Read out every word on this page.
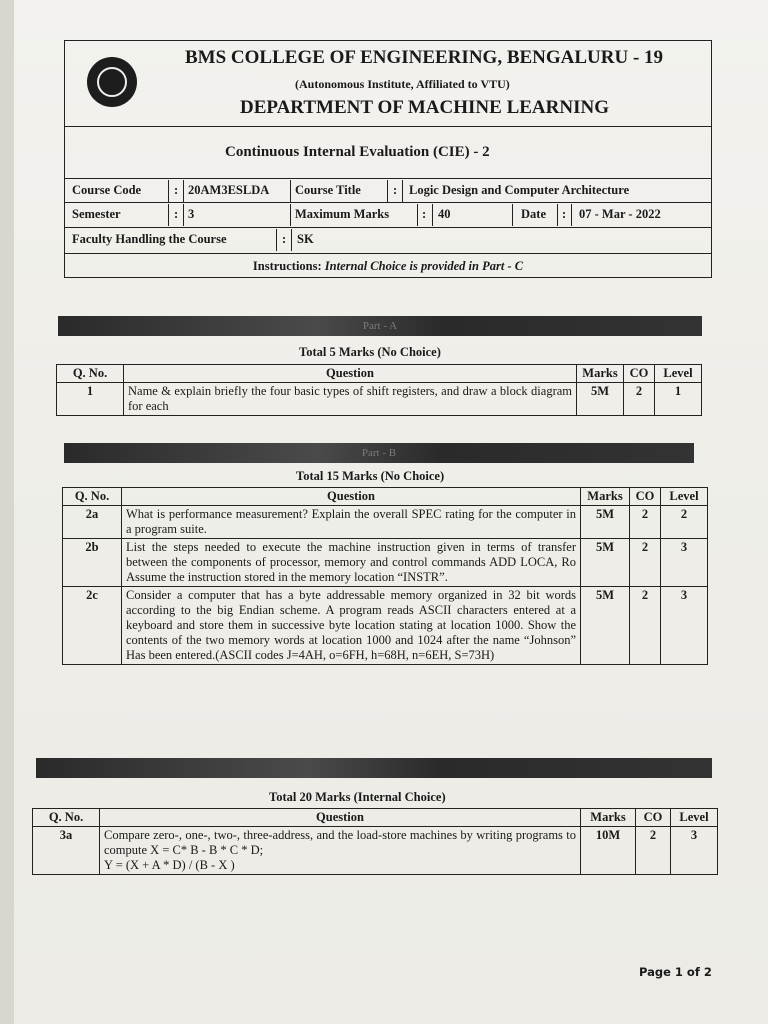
BMS COLLEGE OF ENGINEERING, BENGALURU - 19
(Autonomous Institute, Affiliated to VTU)
DEPARTMENT OF MACHINE LEARNING
Continuous Internal Evaluation (CIE) - 2
Course Code	: 20AM3ESLDA Course Title	: Logic Design and Computer Architecture
Semester	: 3	Maximum Marks	: 40	Date : 07 - Mar - 2022
Faculty Handling the Course	: SK
Instructions: Internal Choice is provided in Part - C
Part - A
Total 5 Marks (No Choice)
Q. No.	Question	Marks	CO	Level
1	Name & explain briefly the four basic types of shift registers, and draw a block diagram for each	5M	2	1
Part - B
Total 15 Marks (No Choice)
Q. No.	Question	Marks	CO	Level
2a	What is performance measurement? Explain the overall SPEC rating for the computer in a program suite.	5M	2	2
2b	List the steps needed to execute the machine instruction given in terms of transfer between the components of processor, memory and control commands ADD LOCA, Ro Assume the instruction stored in the memory location “INSTR”.	5M	2	3
2c	Consider a computer that has a byte addressable memory organized in 32 bit words according to the big Endian scheme. A program reads ASCII characters entered at a keyboard and store them in successive byte location stating at location 1000. Show the contents of the two memory words at location 1000 and 1024 after the name “Johnson” Has been entered.(ASCII codes J=4AH, o=6FH, h=68H, n=6EH, S=73H)	5M	2	3
Total 20 Marks (Internal Choice)
Q. No.	Question	Marks	CO	Level
3a	Compare zero-, one-, two-, three-address, and the load-store machines by writing programs to compute X = C* B - B * C * D;
Y = (X + A * D) / (B - X )	10M	2	3
Page 1 of 2
